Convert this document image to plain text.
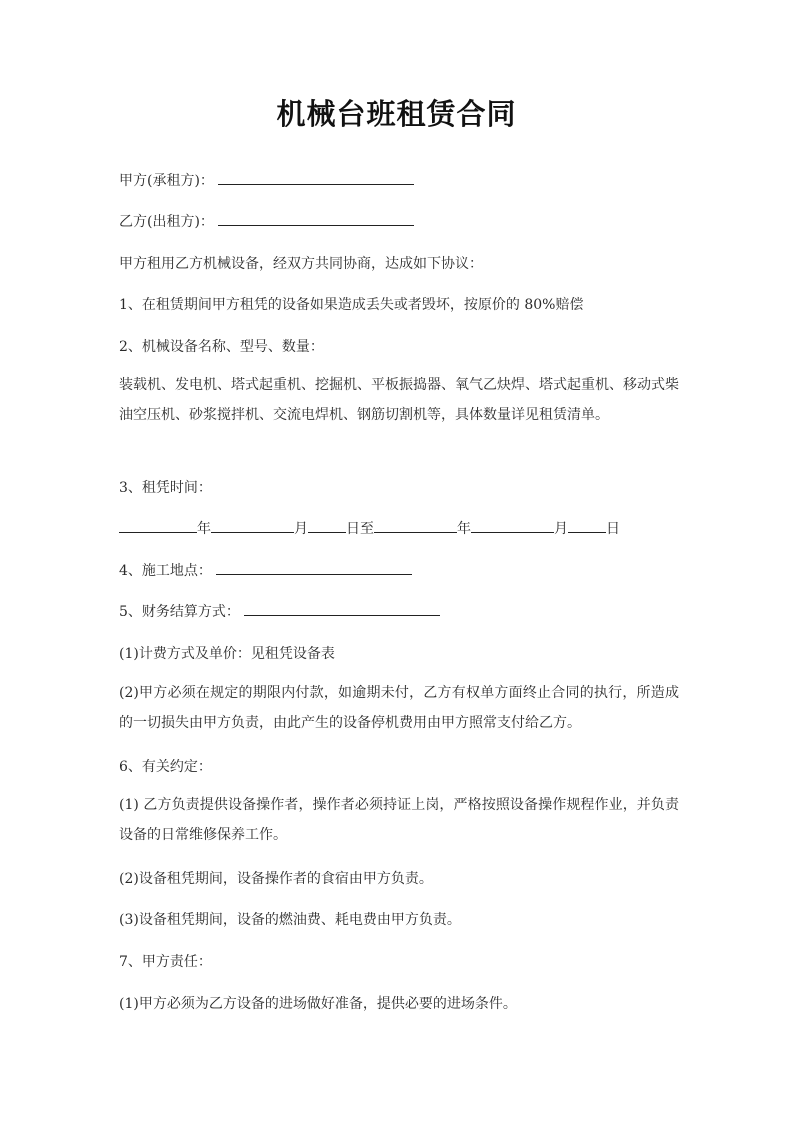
机械台班租赁合同
甲方(承租方)：
乙方(出租方)：
甲方租用乙方机械设备，经双方共同协商，达成如下协议：
1、在租赁期间甲方租凭的设备如果造成丢失或者毁坏，按原价的 80%赔偿
2、机械设备名称、型号、数量：
装载机、发电机、塔式起重机、挖掘机、平板振捣器、氧气乙炔焊、塔式起重机、移动式柴油空压机、砂浆搅拌机、交流电焊机、钢筋切割机等，具体数量详见租赁清单。
3、租凭时间：
年	月	日至	年	月	日
4、施工地点：
5、财务结算方式：
(1)计费方式及单价：见租凭设备表
(2)甲方必须在规定的期限内付款，如逾期未付，乙方有权单方面终止合同的执行，所造成的一切损失由甲方负责，由此产生的设备停机费用由甲方照常支付给乙方。
6、有关约定：
(1) 乙方负责提供设备操作者，操作者必须持证上岗，严格按照设备操作规程作业，并负责设备的日常维修保养工作。
(2)设备租凭期间，设备操作者的食宿由甲方负责。
(3)设备租凭期间，设备的燃油费、耗电费由甲方负责。
7、甲方责任：
(1)甲方必须为乙方设备的进场做好准备，提供必要的进场条件。
